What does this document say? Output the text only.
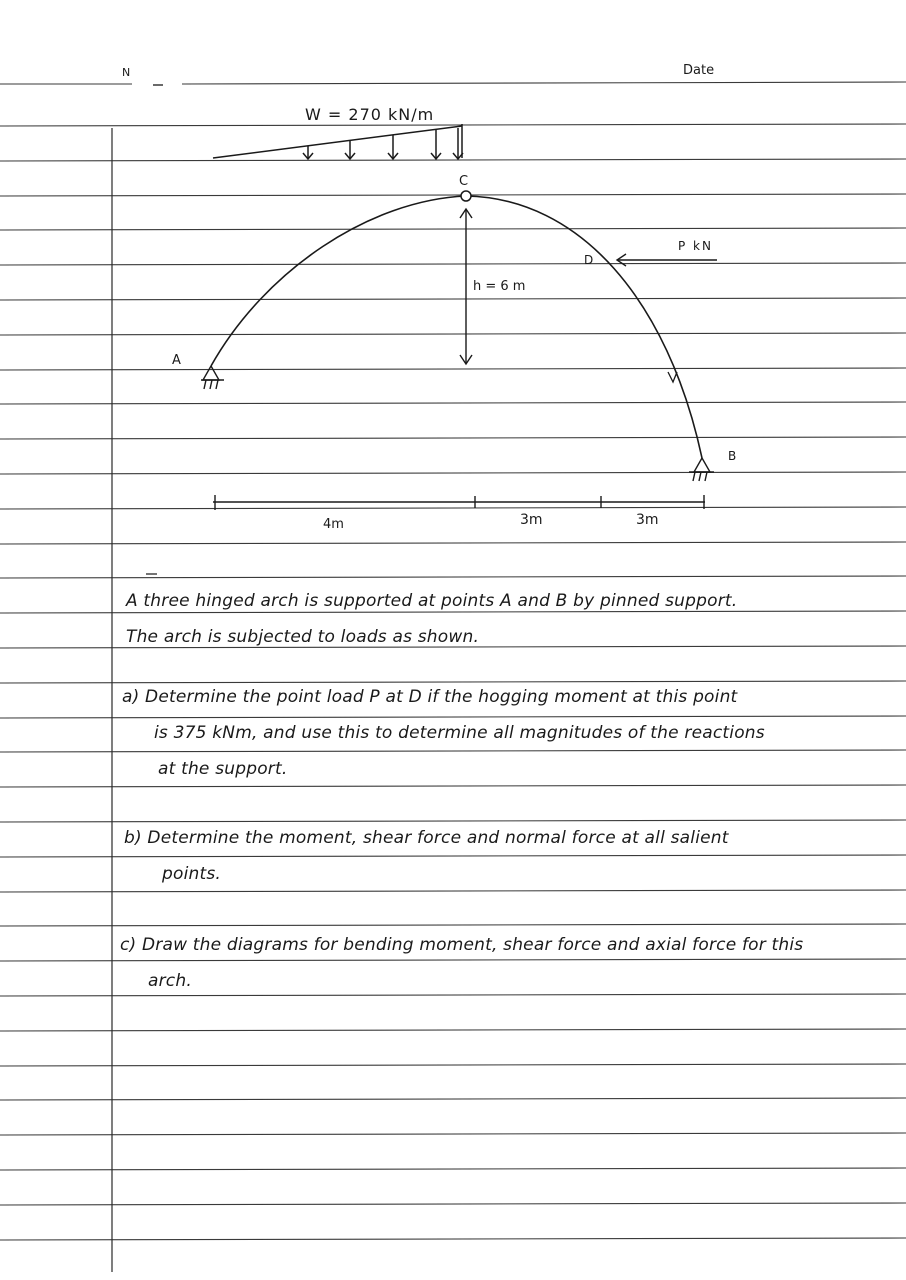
N	Date
W = 270 kN/m
C
h = 6 m
A
B
D
P kN
4m	3m	3m
A three hinged arch is supported at points A and B by pinned support.
The arch is subjected to loads as shown.
a) Determine the point load P at D if the hogging moment at this point
is 375 kNm, and use this to determine all magnitudes of the reactions
at the support.
b) Determine the moment, shear force and normal force at all salient
points.
c) Draw the diagrams for bending moment, shear force and axial force for this
arch.
